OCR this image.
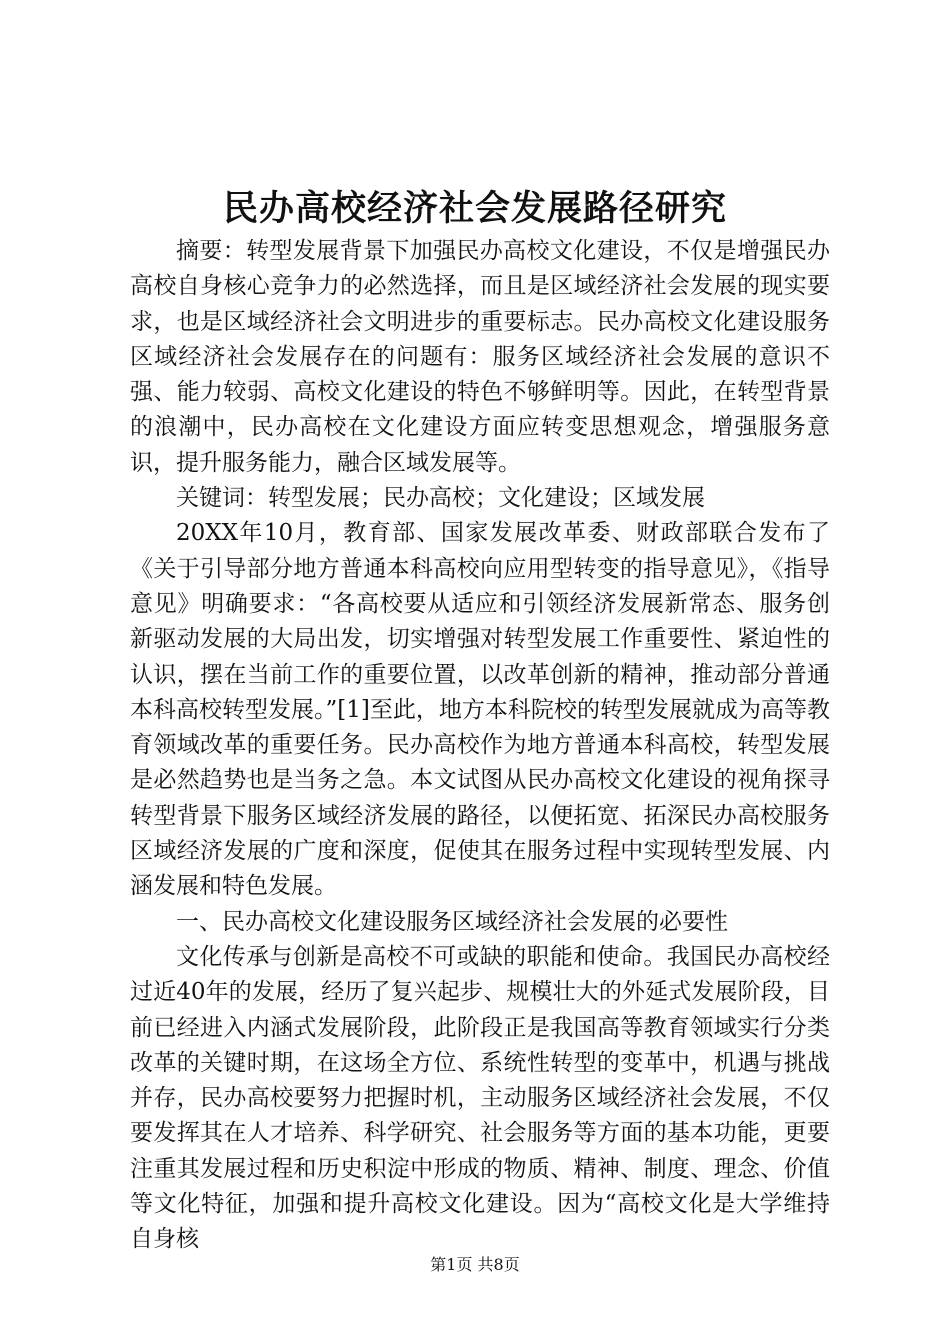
民办高校经济社会发展路径研究

摘要：转型发展背景下加强民办高校文化建设，不仅是增强民办高校自身核心竞争力的必然选择，而且是区域经济社会发展的现实要求，也是区域经济社会文明进步的重要标志。民办高校文化建设服务区域经济社会发展存在的问题有：服务区域经济社会发展的意识不强、能力较弱、高校文化建设的特色不够鲜明等。因此，在转型背景的浪潮中，民办高校在文化建设方面应转变思想观念，增强服务意识，提升服务能力，融合区域发展等。

关键词：转型发展；民办高校；文化建设；区域发展

20XX年10月，教育部、国家发展改革委、财政部联合发布了《关于引导部分地方普通本科高校向应用型转变的指导意见》，《指导意见》明确要求：“各高校要从适应和引领经济发展新常态、服务创新驱动发展的大局出发，切实增强对转型发展工作重要性、紧迫性的认识，摆在当前工作的重要位置，以改革创新的精神，推动部分普通本科高校转型发展。”[1]至此，地方本科院校的转型发展就成为高等教育领域改革的重要任务。民办高校作为地方普通本科高校，转型发展是必然趋势也是当务之急。本文试图从民办高校文化建设的视角探寻转型背景下服务区域经济发展的路径，以便拓宽、拓深民办高校服务区域经济发展的广度和深度，促使其在服务过程中实现转型发展、内涵发展和特色发展。

一、民办高校文化建设服务区域经济社会发展的必要性

文化传承与创新是高校不可或缺的职能和使命。我国民办高校经过近40年的发展，经历了复兴起步、规模壮大的外延式发展阶段，目前已经进入内涵式发展阶段，此阶段正是我国高等教育领域实行分类改革的关键时期，在这场全方位、系统性转型的变革中，机遇与挑战并存，民办高校要努力把握时机，主动服务区域经济社会发展，不仅要发挥其在人才培养、科学研究、社会服务等方面的基本功能，更要注重其发展过程和历史积淀中形成的物质、精神、制度、理念、价值等文化特征，加强和提升高校文化建设。因为“高校文化是大学维持自身核

第1页 共8页
